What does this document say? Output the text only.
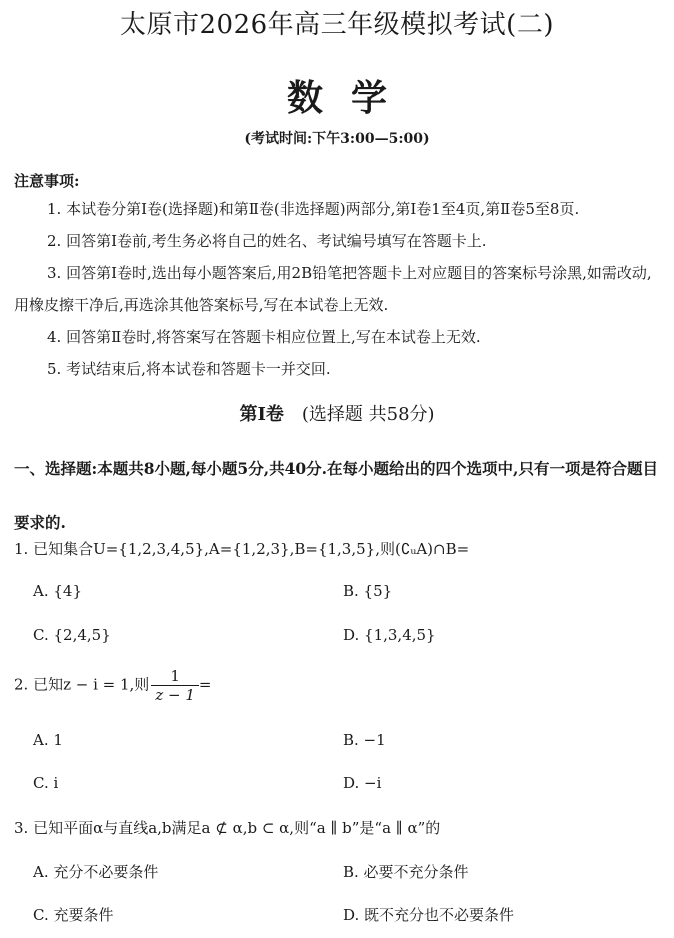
太原市2026年高三年级模拟考试(二)
数学
(考试时间:下午3:00—5:00)
注意事项:

1. 本试卷分第Ⅰ卷(选择题)和第Ⅱ卷(非选择题)两部分,第Ⅰ卷1至4页,第Ⅱ卷5至8页.

2. 回答第Ⅰ卷前,考生务必将自己的姓名、考试编号填写在答题卡上.

3. 回答第Ⅰ卷时,选出每小题答案后,用2B铅笔把答题卡上对应题目的答案标号涂黑,如需改动,用橡皮擦干净后,再选涂其他答案标号,写在本试卷上无效.

4. 回答第Ⅱ卷时,将答案写在答题卡相应位置上,写在本试卷上无效.

5. 考试结束后,将本试卷和答题卡一并交回.

第Ⅰ卷 (选择题 共58分)
一、选择题:本题共8小题,每小题5分,共40分.在每小题给出的四个选项中,只有一项是符合题目要求的.
1. 已知集合U={1,2,3,4,5},A={1,2,3},B={1,3,5},则(∁ᵤA)∩B=
A. {4}	B. {5}
C. {2,4,5}	D. {1,3,4,5}
2. 已知z − i = 1,则 $\frac{1}{z - 1}$ =
A. 1	B. −1
C. i	D. −i
3. 已知平面α与直线a,b满足a ⊄ α,b ⊂ α,则“a ∥ b”是“a ∥ α”的
A. 充分不必要条件	B. 必要不充分条件
C. 充要条件	D. 既不充分也不必要条件
